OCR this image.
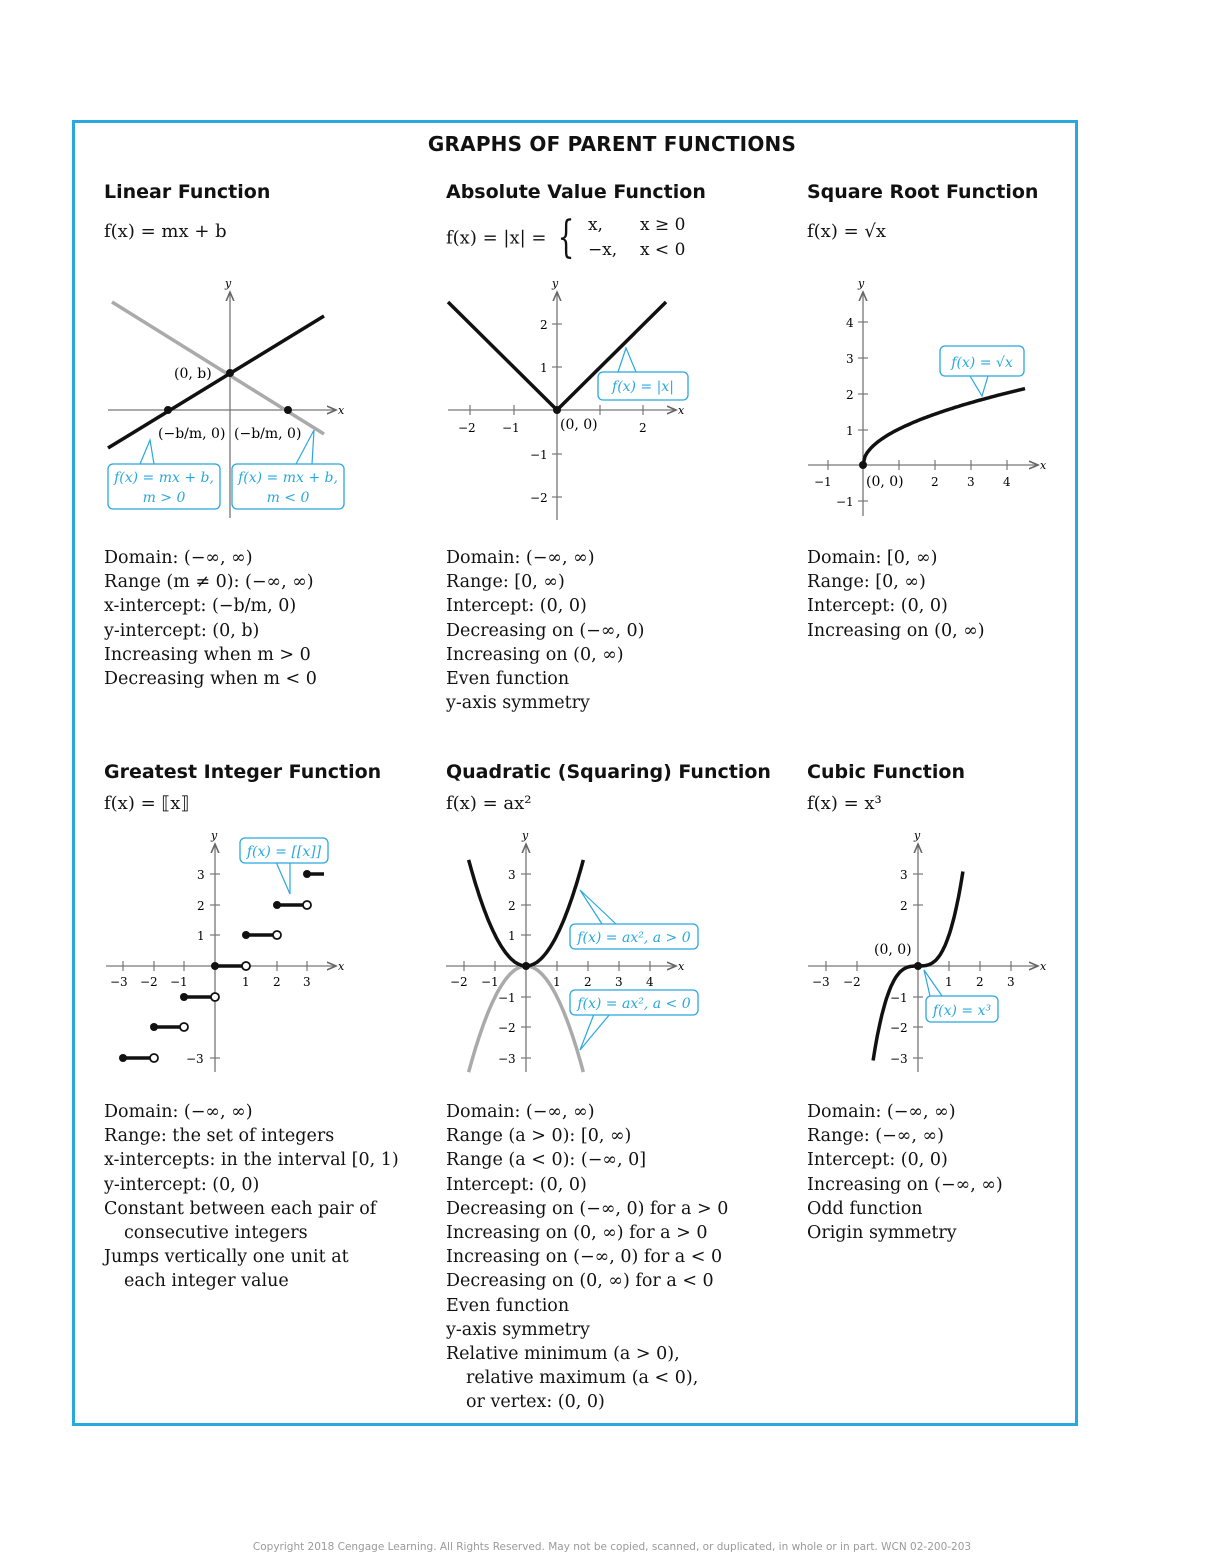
GRAPHS OF PARENT FUNCTIONS
Linear Function
f(x) = mx + b
x
y
(0, b)
(−b/m, 0) (−b/m, 0)
f(x) = mx + b,
m > 0
f(x) = mx + b,
m < 0
Domain: (−∞, ∞)
Range (m ≠ 0): (−∞, ∞)
x-intercept: (−b/m, 0)
y-intercept: (0, b)
Increasing when m > 0
Decreasing when m < 0
Absolute Value Function
f(x) = |x| = { x, x ≥ 0
−x, x < 0
x
y
−2 −1	2
2
1
−1
−2
(0, 0)
f(x) = |x|
Domain: (−∞, ∞)
Range: [0, ∞)
Intercept: (0, 0)
Decreasing on (−∞, 0)
Increasing on (0, ∞)
Even function
y-axis symmetry
Square Root Function
f(x) = √x
x
y
−1	2 3 4
4
3
2
1
−1
(0, 0)
f(x) = √x
Domain: [0, ∞)
Range: [0, ∞)
Intercept: (0, 0)
Increasing on (0, ∞)
Greatest Integer Function
f(x) = ⟦x⟧
x
y
−3 −2 −1	1 2 3
3
2
1
−3
f(x) = [[x]]
Domain: (−∞, ∞)
Range: the set of integers
x-intercepts: in the interval [0, 1)
y-intercept: (0, 0)
Constant between each pair of
consecutive integers
Jumps vertically one unit at
each integer value
Quadratic (Squaring) Function
f(x) = ax²
x
y
−2 −1	1 2 3 4
3
2
1
−1
−2
−3
f(x) = ax², a > 0
f(x) = ax², a < 0
Domain: (−∞, ∞)
Range (a > 0): [0, ∞)
Range (a < 0): (−∞, 0]
Intercept: (0, 0)
Decreasing on (−∞, 0) for a > 0
Increasing on (0, ∞) for a > 0
Increasing on (−∞, 0) for a < 0
Decreasing on (0, ∞) for a < 0
Even function
y-axis symmetry
Relative minimum (a > 0),
relative maximum (a < 0),
or vertex: (0, 0)
Cubic Function
f(x) = x³
x
y
−3 −2	1 2 3
3
2
−1
−2
−3
(0, 0)
f(x) = x³
Domain: (−∞, ∞)
Range: (−∞, ∞)
Intercept: (0, 0)
Increasing on (−∞, ∞)
Odd function
Origin symmetry
Copyright 2018 Cengage Learning. All Rights Reserved. May not be copied, scanned, or duplicated, in whole or in part. WCN 02-200-203
